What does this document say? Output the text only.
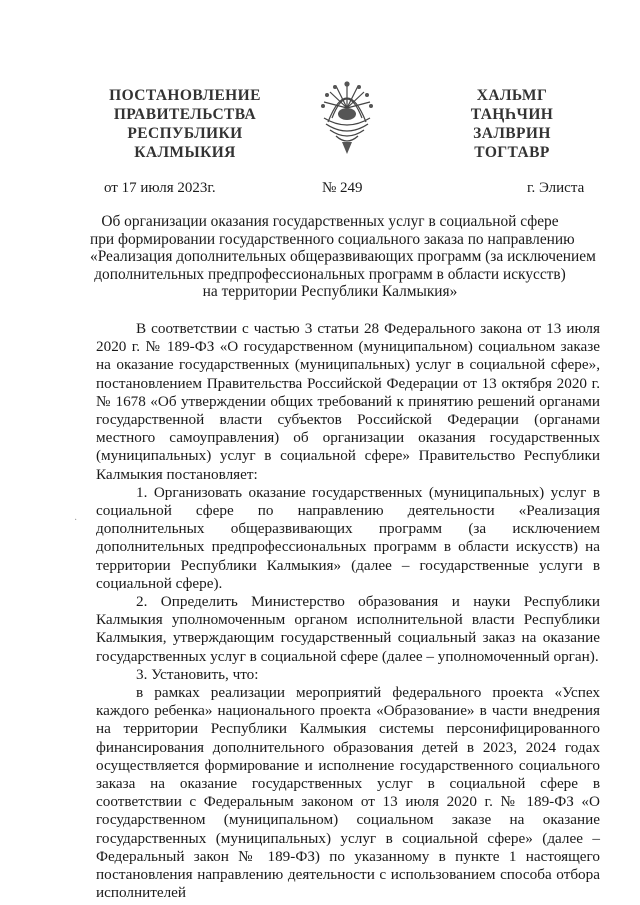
ПОСТАНОВЛЕНИЕ
ПРАВИТЕЛЬСТВА
РЕСПУБЛИКИ
КАЛМЫКИЯ
ХАЛЬМГ
ТАҢҺЧИН
ЗАЛВРИН
ТОГТАВР
от 17 июля 2023г.	№ 249	г. Элиста
Об организации оказания государственных услуг в социальной сфере
при формировании государственного социального заказа по направлению
«Реализация дополнительных общеразвивающих программ (за исключением
дополнительных предпрофессиональных программ в области искусств)
на территории Республики Калмыкия»
·

В соответствии с частью 3 статьи 28 Федерального закона от 13 июля 2020 г. № 189-ФЗ «О государственном (муниципальном) социальном заказе на оказание государственных (муниципальных) услуг в социальной сфере», постановлением Правительства Российской Федерации от 13 октября 2020 г. № 1678 «Об утверждении общих требований к принятию решений органами государственной власти субъектов Российской Федерации (органами местного самоуправления) об организации оказания государственных (муниципальных) услуг в социальной сфере» Правительство Республики Калмыкия постановляет:

1. Организовать оказание государственных (муниципальных) услуг в социальной сфере по направлению деятельности «Реализация дополнительных общеразвивающих программ (за исключением дополнительных предпрофессиональных программ в области искусств) на территории Республики Калмыкия» (далее – государственные услуги в социальной сфере).

2. Определить Министерство образования и науки Республики Калмыкия уполномоченным органом исполнительной власти Республики Калмыкия, утверждающим государственный социальный заказ на оказание государственных услуг в социальной сфере (далее – уполномоченный орган).

3. Установить, что:

в рамках реализации мероприятий федерального проекта «Успех каждого ребенка» национального проекта «Образование» в части внедрения на территории Республики Калмыкия системы персонифицированного финансирования дополнительного образования детей в 2023, 2024 годах осуществляется формирование и исполнение государственного социального заказа на оказание государственных услуг в социальной сфере в соответствии с Федеральным законом от 13 июля 2020 г. № 189-ФЗ «О государственном (муниципальном) социальном заказе на оказание государственных (муниципальных) услуг в социальной сфере» (далее – Федеральный закон № 189-ФЗ) по указанному в пункте 1 настоящего постановления направлению деятельности с использованием способа отбора исполнителей
